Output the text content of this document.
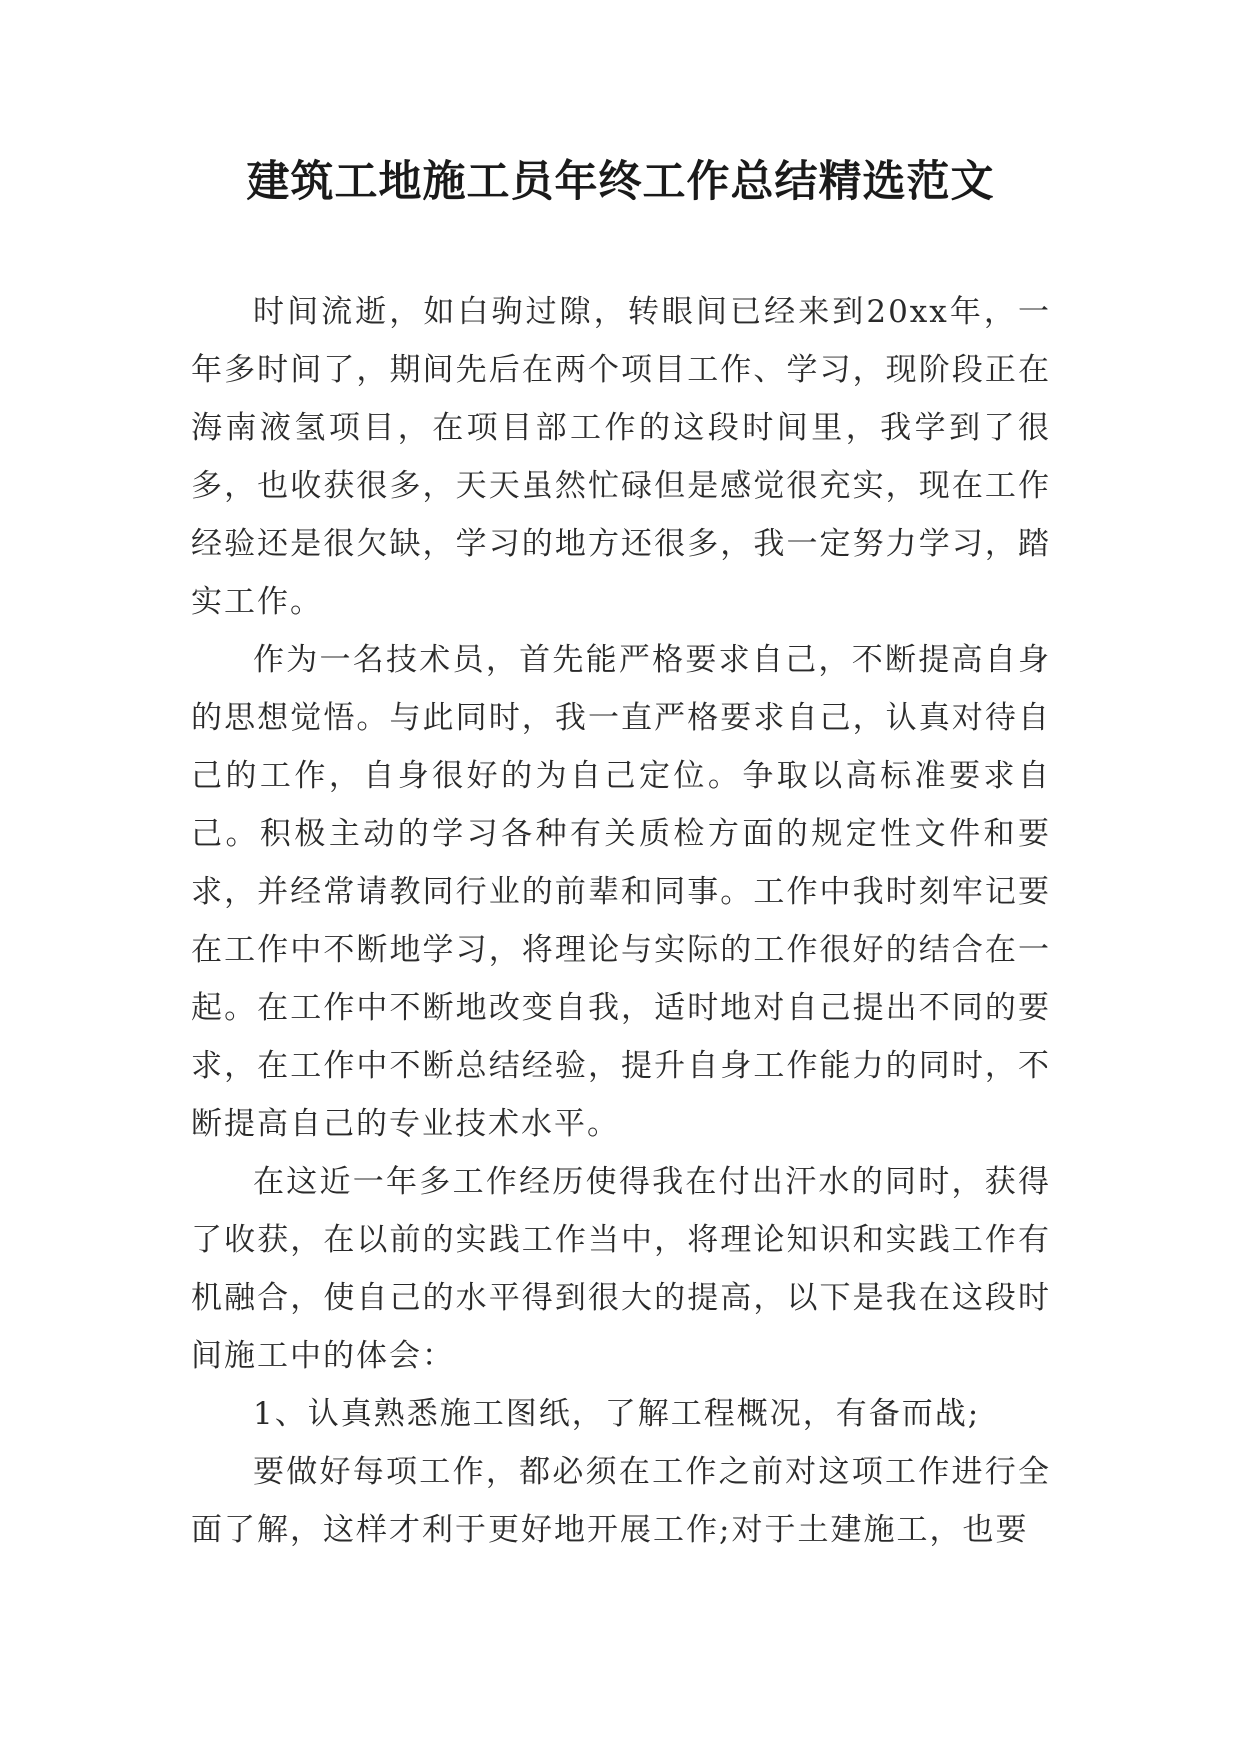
建筑工地施工员年终工作总结精选范文

时间流逝，如白驹过隙，转眼间已经来到20xx年，一年多时间了，期间先后在两个项目工作、学习，现阶段正在海南液氢项目，在项目部工作的这段时间里，我学到了很多，也收获很多，天天虽然忙碌但是感觉很充实，现在工作经验还是很欠缺，学习的地方还很多，我一定努力学习，踏实工作。

作为一名技术员，首先能严格要求自己，不断提高自身的思想觉悟。与此同时，我一直严格要求自己，认真对待自己的工作，自身很好的为自己定位。争取以高标准要求自己。积极主动的学习各种有关质检方面的规定性文件和要求，并经常请教同行业的前辈和同事。工作中我时刻牢记要在工作中不断地学习，将理论与实际的工作很好的结合在一起。在工作中不断地改变自我，适时地对自己提出不同的要求，在工作中不断总结经验，提升自身工作能力的同时，不断提高自己的专业技术水平。

在这近一年多工作经历使得我在付出汗水的同时，获得了收获，在以前的实践工作当中，将理论知识和实践工作有机融合，使自己的水平得到很大的提高，以下是我在这段时间施工中的体会：

1、认真熟悉施工图纸，了解工程概况，有备而战;

要做好每项工作，都必须在工作之前对这项工作进行全面了解，这样才利于更好地开展工作;对于土建施工，也要
